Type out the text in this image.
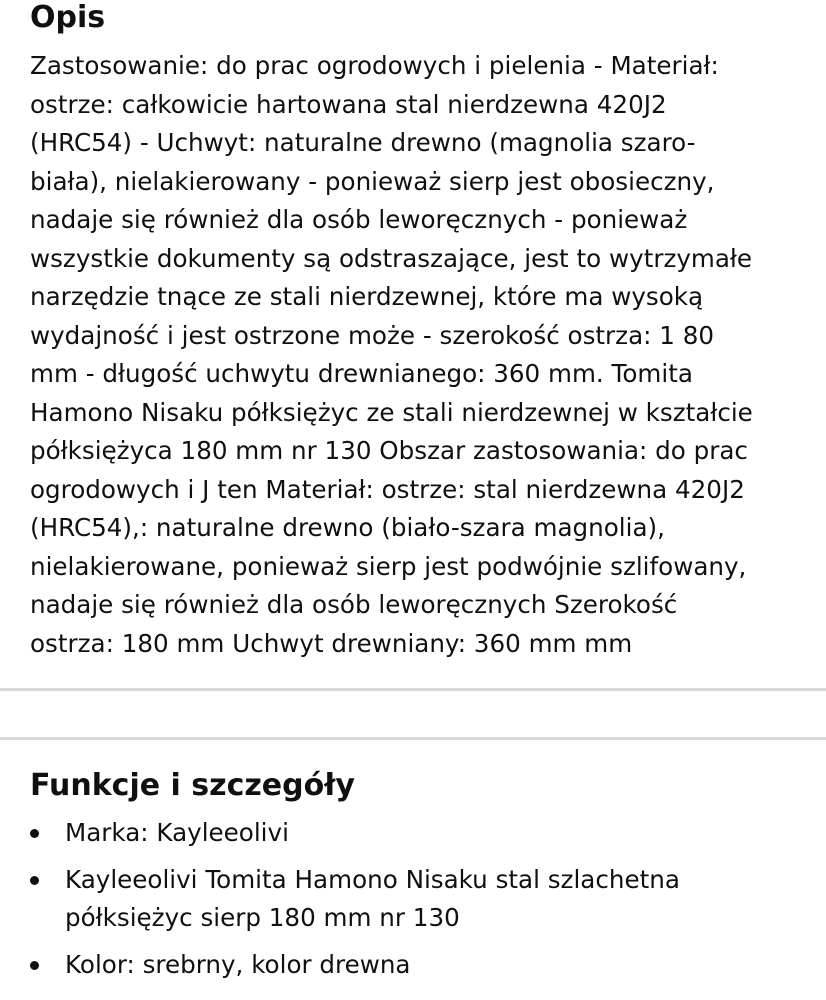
Opis

Zastosowanie: do prac ogrodowych i pielenia - Materiał:
ostrze: całkowicie hartowana stal nierdzewna 420J2
(HRC54) - Uchwyt: naturalne drewno (magnolia szaro-
biała), nielakierowany - ponieważ sierp jest obosieczny,
nadaje się również dla osób leworęcznych - ponieważ
wszystkie dokumenty są odstraszające, jest to wytrzymałe
narzędzie tnące ze stali nierdzewnej, które ma wysoką
wydajność i jest ostrzone może - szerokość ostrza: 1 80
mm - długość uchwytu drewnianego: 360 mm. Tomita
Hamono Nisaku półksiężyc ze stali nierdzewnej w kształcie
półksiężyca 180 mm nr 130 Obszar zastosowania: do prac
ogrodowych i J ten Materiał: ostrze: stal nierdzewna 420J2
(HRC54),: naturalne drewno (biało-szara magnolia),
nielakierowane, ponieważ sierp jest podwójnie szlifowany,
nadaje się również dla osób leworęcznych Szerokość
ostrza: 180 mm Uchwyt drewniany: 360 mm mm

Funkcje i szczegóły
Marka: Kayleeolivi
Kayleeolivi Tomita Hamono Nisaku stal szlachetna
półksiężyc sierp 180 mm nr 130
Kolor: srebrny, kolor drewna
